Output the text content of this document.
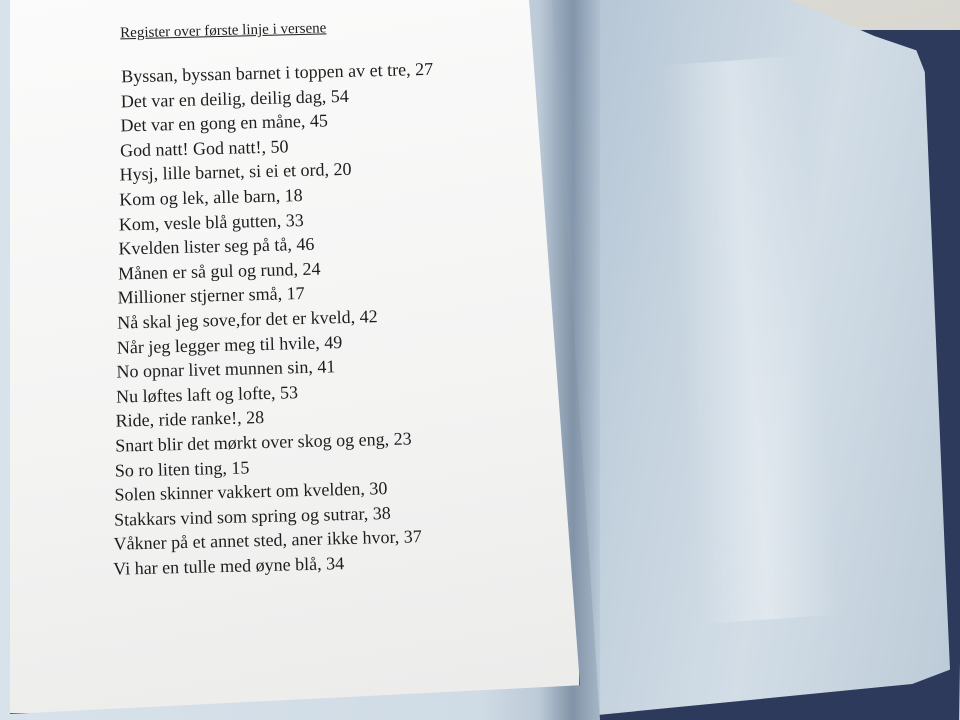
Register over første linje i versene
Byssan, byssan barnet i toppen av et tre, 27
Det var en deilig, deilig dag, 54
Det var en gong en måne, 45
God natt! God natt!, 50
Hysj, lille barnet, si ei et ord, 20
Kom og lek, alle barn, 18
Kom, vesle blå gutten, 33
Kvelden lister seg på tå, 46
Månen er så gul og rund, 24
Millioner stjerner små, 17
Nå skal jeg sove,for det er kveld, 42
Når jeg legger meg til hvile, 49
No opnar livet munnen sin, 41
Nu løftes laft og lofte, 53
Ride, ride ranke!, 28
Snart blir det mørkt over skog og eng, 23
So ro liten ting, 15
Solen skinner vakkert om kvelden, 30
Stakkars vind som spring og sutrar, 38
Våkner på et annet sted, aner ikke hvor, 37
Vi har en tulle med øyne blå, 34
